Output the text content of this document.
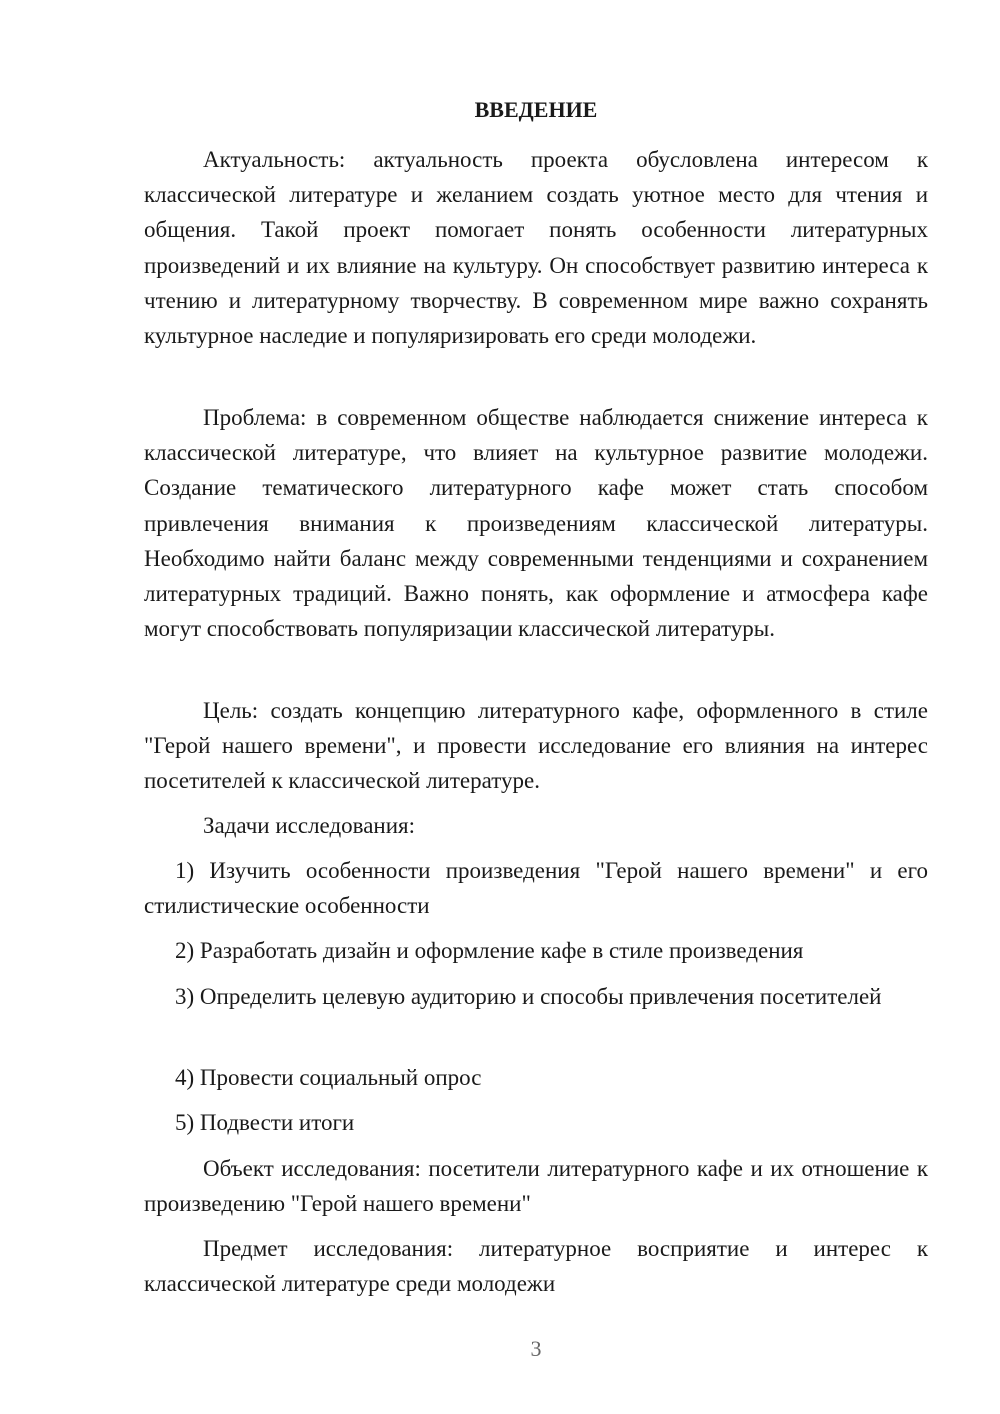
ВВЕДЕНИЕ

Актуальность: актуальность проекта обусловлена интересом к классической литературе и желанием создать уютное место для чтения и общения. Такой проект помогает понять особенности литературных произведений и их влияние на культуру. Он способствует развитию интереса к чтению и литературному творчеству. В современном мире важно сохранять культурное наследие и популяризировать его среди молодежи.

Проблема: в современном обществе наблюдается снижение интереса к классической литературе, что влияет на культурное развитие молодежи. Создание тематического литературного кафе может стать способом привлечения внимания к произведениям классической литературы. Необходимо найти баланс между современными тенденциями и сохранением литературных традиций. Важно понять, как оформление и атмосфера кафе могут способствовать популяризации классической литературы.

Цель: создать концепцию литературного кафе, оформленного в стиле "Герой нашего времени", и провести исследование его влияния на интерес посетителей к классической литературе.

Задачи исследования:

1) Изучить особенности произведения "Герой нашего времени" и его стилистические особенности

2) Разработать дизайн и оформление кафе в стиле произведения

3) Определить целевую аудиторию и способы привлечения посетителей

4) Провести социальный опрос

5) Подвести итоги

Объект исследования: посетители литературного кафе и их отношение к произведению "Герой нашего времени"

Предмет исследования: литературное восприятие и интерес к классической литературе среди молодежи

3
